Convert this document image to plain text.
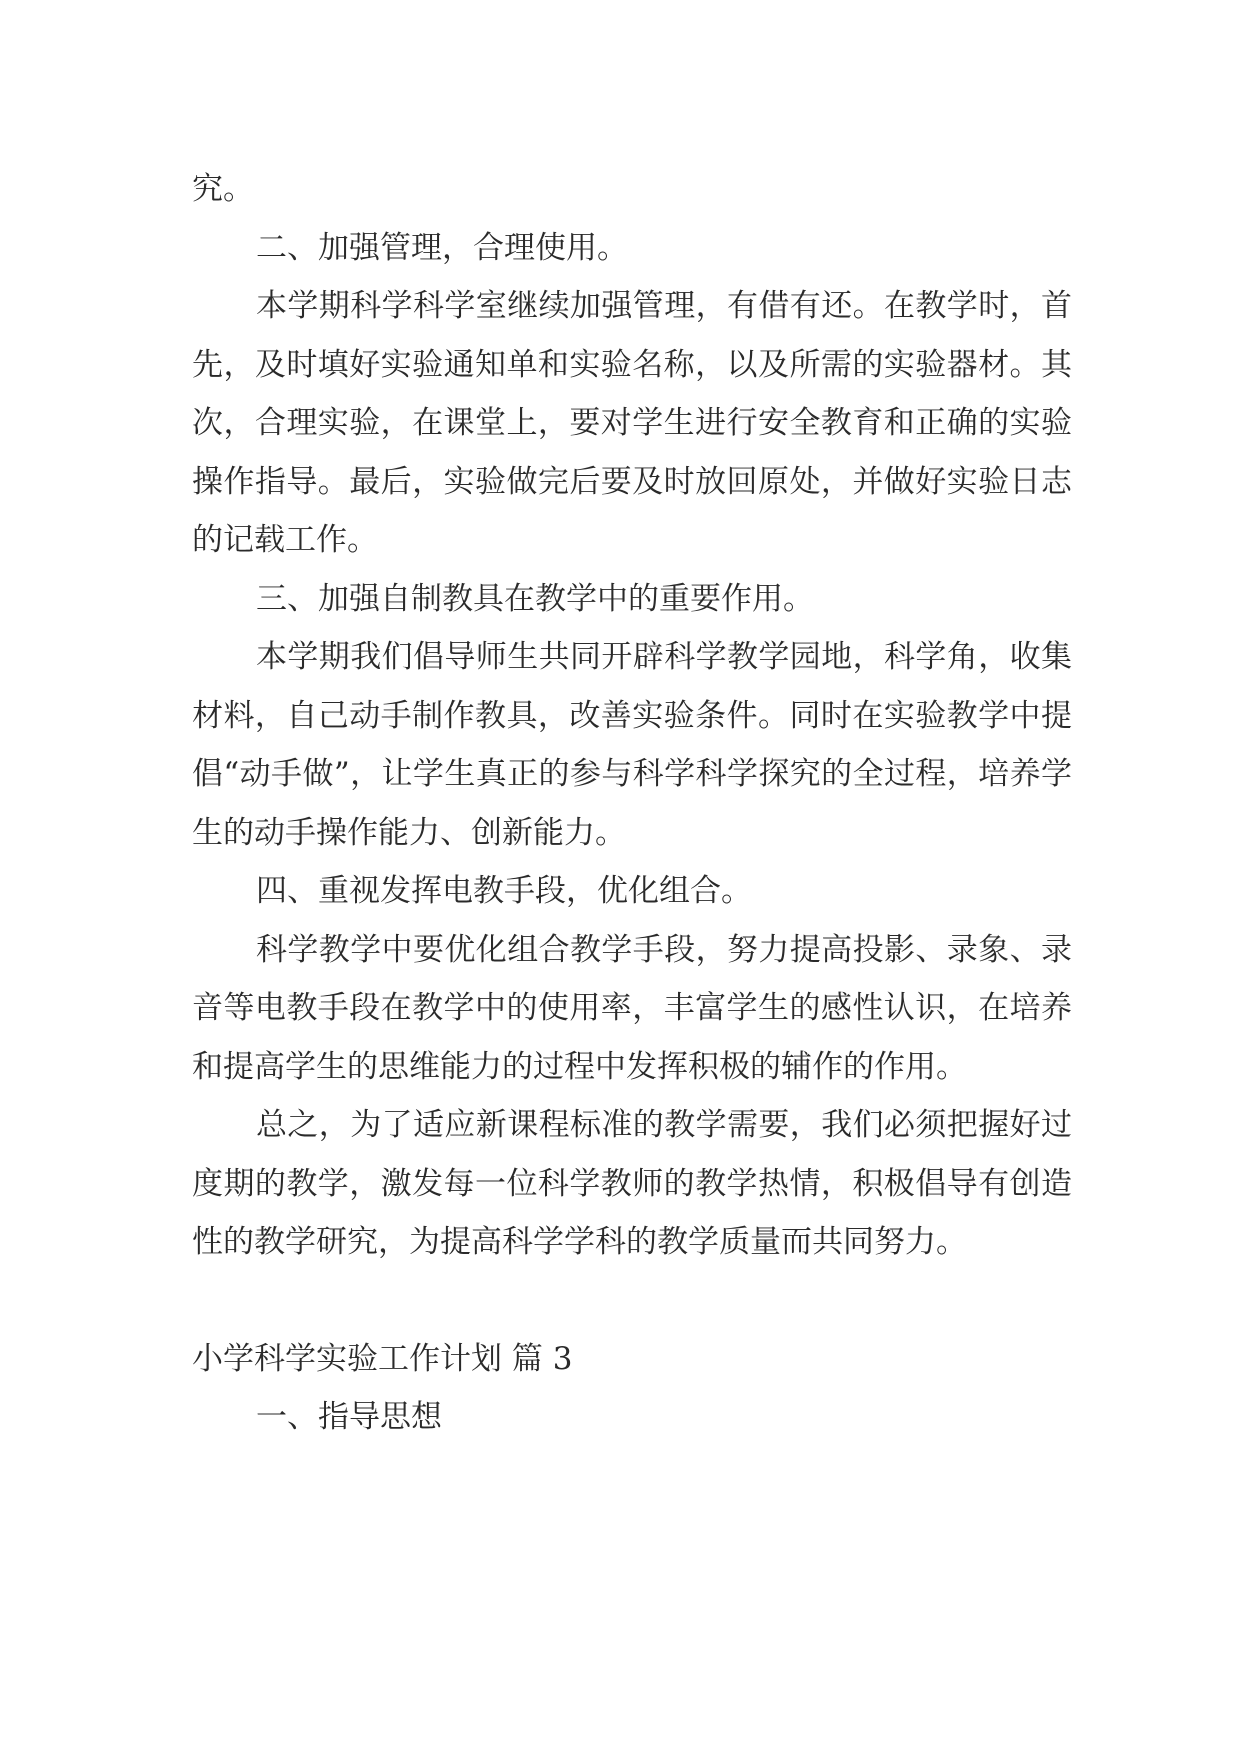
究。

二、加强管理，合理使用。

本学期科学科学室继续加强管理，有借有还。在教学时，首先，及时填好实验通知单和实验名称，以及所需的实验器材。其次，合理实验，在课堂上，要对学生进行安全教育和正确的实验操作指导。最后，实验做完后要及时放回原处，并做好实验日志的记载工作。

三、加强自制教具在教学中的重要作用。

本学期我们倡导师生共同开辟科学教学园地，科学角，收集材料，自己动手制作教具，改善实验条件。同时在实验教学中提倡“动手做”，让学生真正的参与科学科学探究的全过程，培养学生的动手操作能力、创新能力。

四、重视发挥电教手段，优化组合。

科学教学中要优化组合教学手段，努力提高投影、录象、录音等电教手段在教学中的使用率，丰富学生的感性认识，在培养和提高学生的思维能力的过程中发挥积极的辅作的作用。

总之，为了适应新课程标准的教学需要，我们必须把握好过度期的教学，激发每一位科学教师的教学热情，积极倡导有创造性的教学研究，为提高科学学科的教学质量而共同努力。

小学科学实验工作计划 篇 3

一、指导思想
